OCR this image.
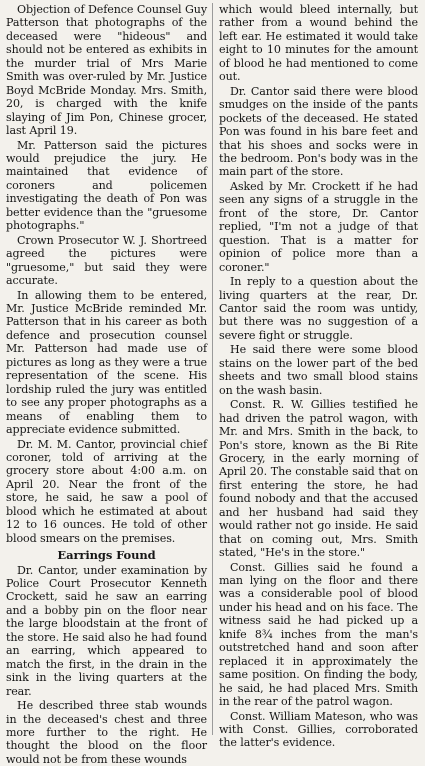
Objection of Defence Counsel Guy Patterson that photographs of the deceased were "hideous" and should not be entered as exhibits in the murder trial of Mrs Marie Smith was over-ruled by Mr. Justice Boyd McBride Monday. Mrs. Smith, 20, is charged with the knife slaying of Jim Pon, Chinese grocer, last April 19.

Mr. Patterson said the pictures would prejudice the jury. He maintained that evidence of coroners and policemen investigating the death of Pon was better evidence than the "gruesome photographs."

Crown Prosecutor W. J. Shortreed agreed the pictures were "gruesome," but said they were accurate.

In allowing them to be entered, Mr. Justice McBride reminded Mr. Patterson that in his career as both defence and prosecution counsel Mr. Patterson had made use of pictures as long as they were a true representation of the scene. His lordship ruled the jury was entitled to see any proper photographs as a means of enabling them to appreciate evidence submitted.

Dr. M. M. Cantor, provincial chief coroner, told of arriving at the grocery store about 4:00 a.m. on April 20. Near the front of the store, he said, he saw a pool of blood which he estimated at about 12 to 16 ounces. He told of other blood smears on the premises.

Earrings Found

Dr. Cantor, under examination by Police Court Prosecutor Kenneth Crockett, said he saw an earring and a bobby pin on the floor near the large bloodstain at the front of the store. He said also he had found an earring, which appeared to match the first, in the drain in the sink in the living quarters at the rear.

He described three stab wounds in the deceased's chest and three more further to the right. He thought the blood on the floor would not be from these wounds

which would bleed internally, but rather from a wound behind the left ear. He estimated it would take eight to 10 minutes for the amount of blood he had mentioned to come out.

Dr. Cantor said there were blood smudges on the inside of the pants pockets of the deceased. He stated Pon was found in his bare feet and that his shoes and socks were in the bedroom. Pon's body was in the main part of the store.

Asked by Mr. Crockett if he had seen any signs of a struggle in the front of the store, Dr. Cantor replied, "I'm not a judge of that question. That is a matter for opinion of police more than a coroner."

In reply to a question about the living quarters at the rear, Dr. Cantor said the room was untidy, but there was no suggestion of a severe fight or struggle.

He said there were some blood stains on the lower part of the bed sheets and two small blood stains on the wash basin.

Const. R. W. Gillies testified he had driven the patrol wagon, with Mr. and Mrs. Smith in the back, to Pon's store, known as the Bi Rite Grocery, in the early morning of April 20. The constable said that on first entering the store, he had found nobody and that the accused and her husband had said they would rather not go inside. He said that on coming out, Mrs. Smith stated, "He's in the store."

Const. Gillies said he found a man lying on the floor and there was a considerable pool of blood under his head and on his face. The witness said he had picked up a knife 8¾ inches from the man's outstretched hand and soon after replaced it in approximately the same position. On finding the body, he said, he had placed Mrs. Smith in the rear of the patrol wagon.

Const. William Mateson, who was with Const. Gillies, corroborated the latter's evidence.
